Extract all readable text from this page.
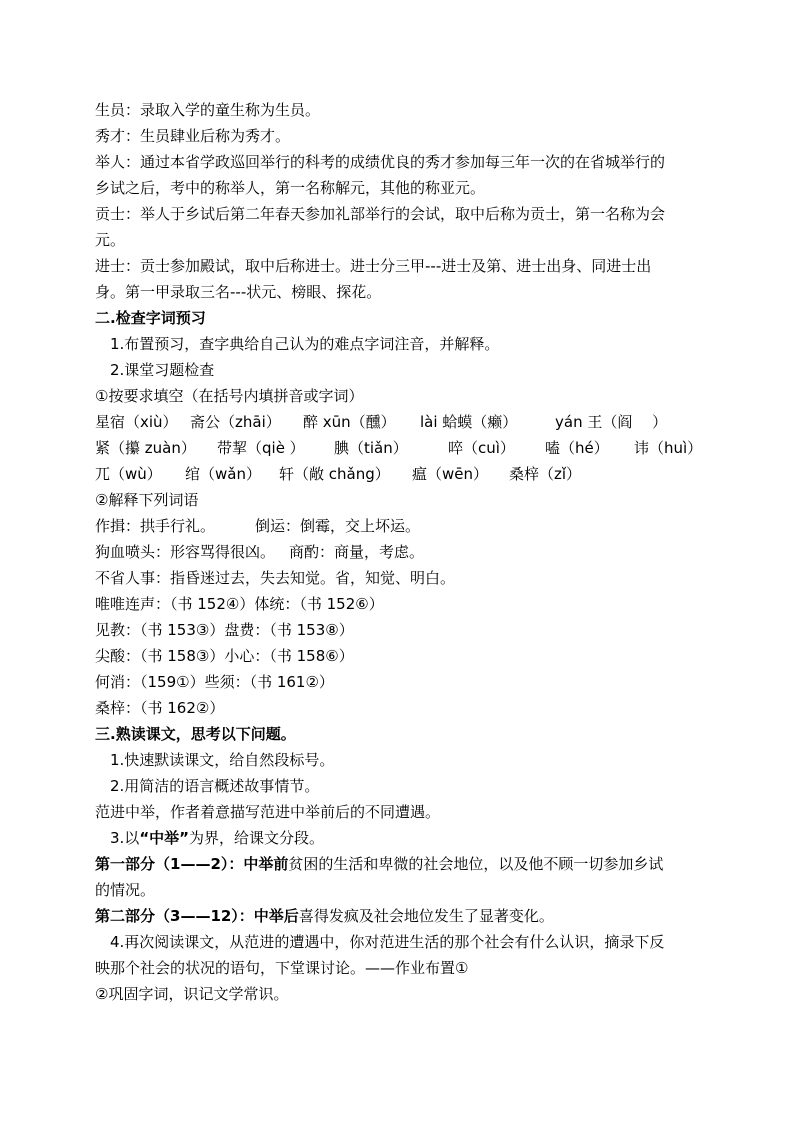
生员：录取入学的童生称为生员。
秀才：生员肆业后称为秀才。
举人：通过本省学政巡回举行的科考的成绩优良的秀才参加每三年一次的在省城举行的
乡试之后，考中的称举人，第一名称解元，其他的称亚元。
贡士：举人于乡试后第二年春天参加礼部举行的会试，取中后称为贡士，第一名称为会
元。
进士：贡士参加殿试，取中后称进士。进士分三甲---进士及第、进士出身、同进士出
身。第一甲录取三名---状元、榜眼、探花。
二.检查字词预习
1.布置预习，查字典给自己认为的难点字词注音，并解释。
2.课堂习题检查
①按要求填空（在括号内填拼音或字词）
星宿（xiù） 斋公（zhāi）	醉 xūn（醺）	lài 蛤蟆（癞）	yán 王（阎　 ）
紧（攥 zuàn）	带挈（qiè ）	腆（tiǎn）	啐（cuì）	嗑（hé）	讳（huì）
兀（wù）	绾（wǎn）	轩（敞 chǎng）	瘟（wēn）	桑梓（zǐ）
②解释下列词语
作揖：拱手行礼。	倒运：倒霉，交上坏运。
狗血喷头：形容骂得很凶。 商酌：商量，考虑。
不省人事：指昏迷过去，失去知觉。省，知觉、明白。
唯唯连声：（书 152④）体统：（书 152⑥）
见教：（书 153③）盘费：（书 153⑧）
尖酸：（书 158③）小心：（书 158⑥）
何消：（159①）些须：（书 161②）
桑梓：（书 162②）
三.熟读课文，思考以下问题。
1.快速默读课文，给自然段标号。
2.用简洁的语言概述故事情节。
范进中举，作者着意描写范进中举前后的不同遭遇。
3.以“中举”为界，给课文分段。
第一部分（1——2）：中举前贫困的生活和卑微的社会地位，以及他不顾一切参加乡试
的情况。
第二部分（3——12）：中举后喜得发疯及社会地位发生了显著变化。
4.再次阅读课文，从范进的遭遇中，你对范进生活的那个社会有什么认识，摘录下反
映那个社会的状况的语句，下堂课讨论。——作业布置①
②巩固字词，识记文学常识。
